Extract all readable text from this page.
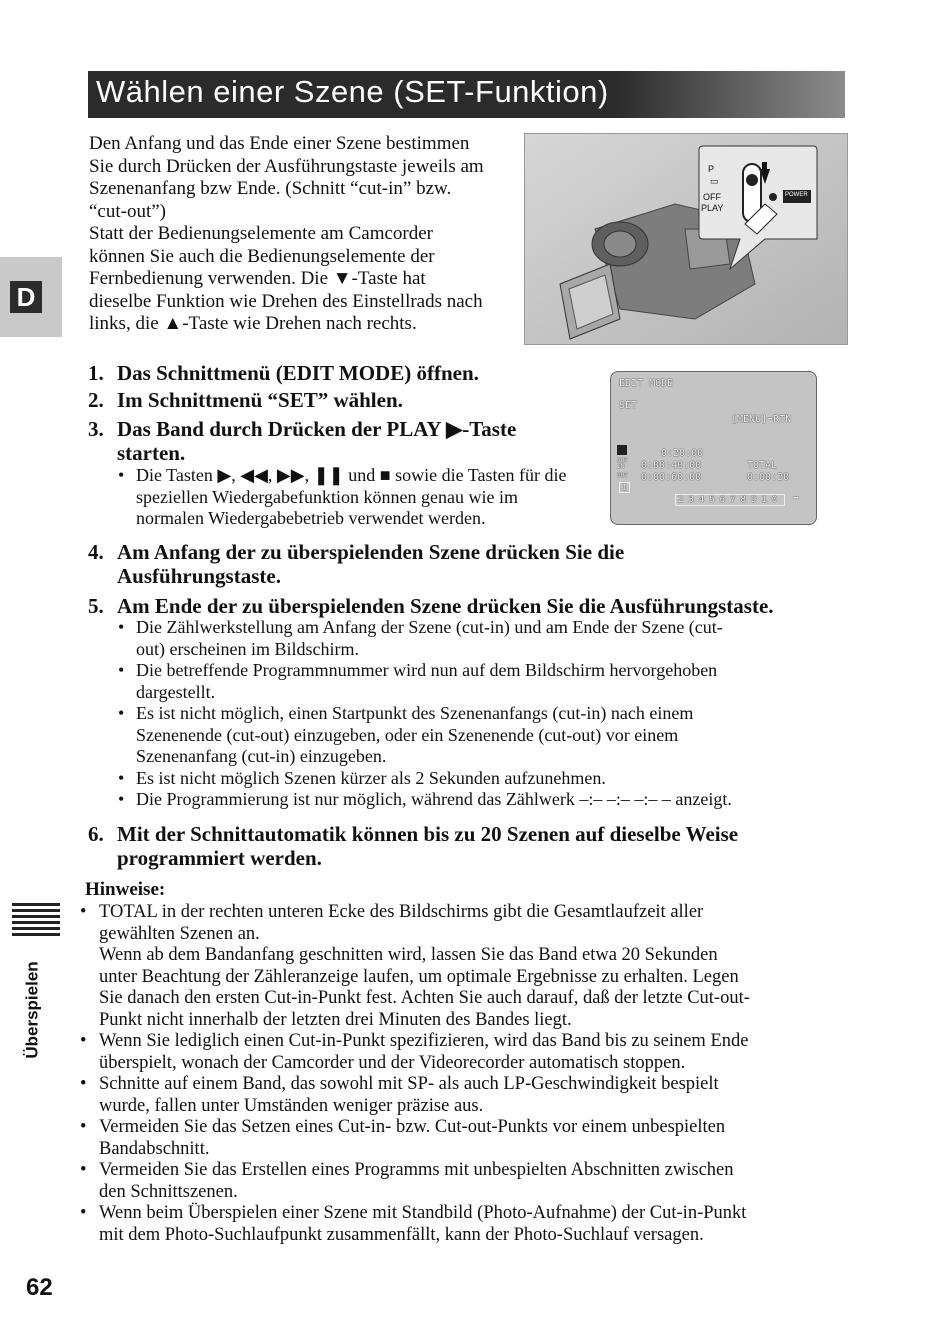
Wählen einer Szene (SET-Funktion)
D
Den Anfang und das Ende einer Szene bestimmen
Sie durch Drücken der Ausführungstaste jeweils am
Szenenanfang bzw Ende. (Schnitt “cut-in” bzw.
“cut-out”)
Statt der Bedienungselemente am Camcorder
können Sie auch die Bedienungselemente der
Fernbedienung verwenden. Die ▼-Taste hat
dieselbe Funktion wie Drehen des Einstellrads nach
links, die ▲-Taste wie Drehen nach rechts.
P
▭
OFF
PLAY
POWER
1. Das Schnittmenü (EDIT MODE) öffnen.
2. Im Schnittmenü “SET” wählen.
3. Das Band durch Drücken der PLAY ▶-Taste
starten.
• Die Tasten ▶, ◀◀, ▶▶, ❚❚ und ■ sowie die Tasten für die
speziellen Wiedergabefunktion können genau wie im
normalen Wiedergabebetrieb verwendet werden.
EDIT MODE
SET
[MENU]➡RTN
0:20:00
CUT IN 0:00:40:00	TOTAL
OUT 0:00:60:00	0:00:20
1
2345678910	➡
4. Am Anfang der zu überspielenden Szene drücken Sie die
Ausführungstaste.
5. Am Ende der zu überspielenden Szene drücken Sie die Ausführungstaste.
• Die Zählwerkstellung am Anfang der Szene (cut-in) und am Ende der Szene (cut-
out) erscheinen im Bildschirm.
• Die betreffende Programmnummer wird nun auf dem Bildschirm hervorgehoben
dargestellt.
• Es ist nicht möglich, einen Startpunkt des Szenenanfangs (cut-in) nach einem
Szenenende (cut-out) einzugeben, oder ein Szenenende (cut-out) vor einem
Szenenanfang (cut-in) einzugeben.
• Es ist nicht möglich Szenen kürzer als 2 Sekunden aufzunehmen.
• Die Programmierung ist nur möglich, während das Zählwerk –:– –:– –:– – anzeigt.
6. Mit der Schnittautomatik können bis zu 20 Szenen auf dieselbe Weise
programmiert werden.
Hinweise:
• TOTAL in der rechten unteren Ecke des Bildschirms gibt die Gesamtlaufzeit aller
gewählten Szenen an.
Wenn ab dem Bandanfang geschnitten wird, lassen Sie das Band etwa 20 Sekunden
unter Beachtung der Zähleranzeige laufen, um optimale Ergebnisse zu erhalten. Legen
Sie danach den ersten Cut-in-Punkt fest. Achten Sie auch darauf, daß der letzte Cut-out-
Punkt nicht innerhalb der letzten drei Minuten des Bandes liegt.
• Wenn Sie lediglich einen Cut-in-Punkt spezifizieren, wird das Band bis zu seinem Ende
überspielt, wonach der Camcorder und der Videorecorder automatisch stoppen.
• Schnitte auf einem Band, das sowohl mit SP- als auch LP-Geschwindigkeit bespielt
wurde, fallen unter Umständen weniger präzise aus.
• Vermeiden Sie das Setzen eines Cut-in- bzw. Cut-out-Punkts vor einem unbespielten
Bandabschnitt.
• Vermeiden Sie das Erstellen eines Programms mit unbespielten Abschnitten zwischen
den Schnittszenen.
• Wenn beim Überspielen einer Szene mit Standbild (Photo-Aufnahme) der Cut-in-Punkt
mit dem Photo-Suchlaufpunkt zusammenfällt, kann der Photo-Suchlauf versagen.
Überspielen
62
